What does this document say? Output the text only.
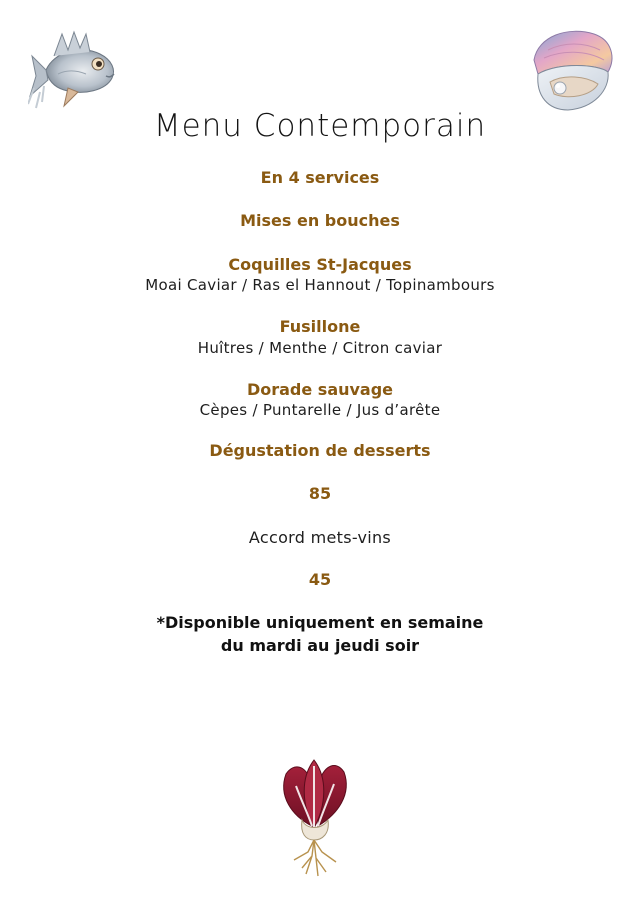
Menu Contemporain
En 4 services
Mises en bouches
Coquilles St-Jacques
Moai Caviar / Ras el Hannout / Topinambours
Fusillone
Huîtres / Menthe / Citron caviar
Dorade sauvage
Cèpes / Puntarelle / Jus d’arête
Dégustation de desserts
85
Accord mets-vins
45
*Disponible uniquement en semaine
du mardi au jeudi soir
